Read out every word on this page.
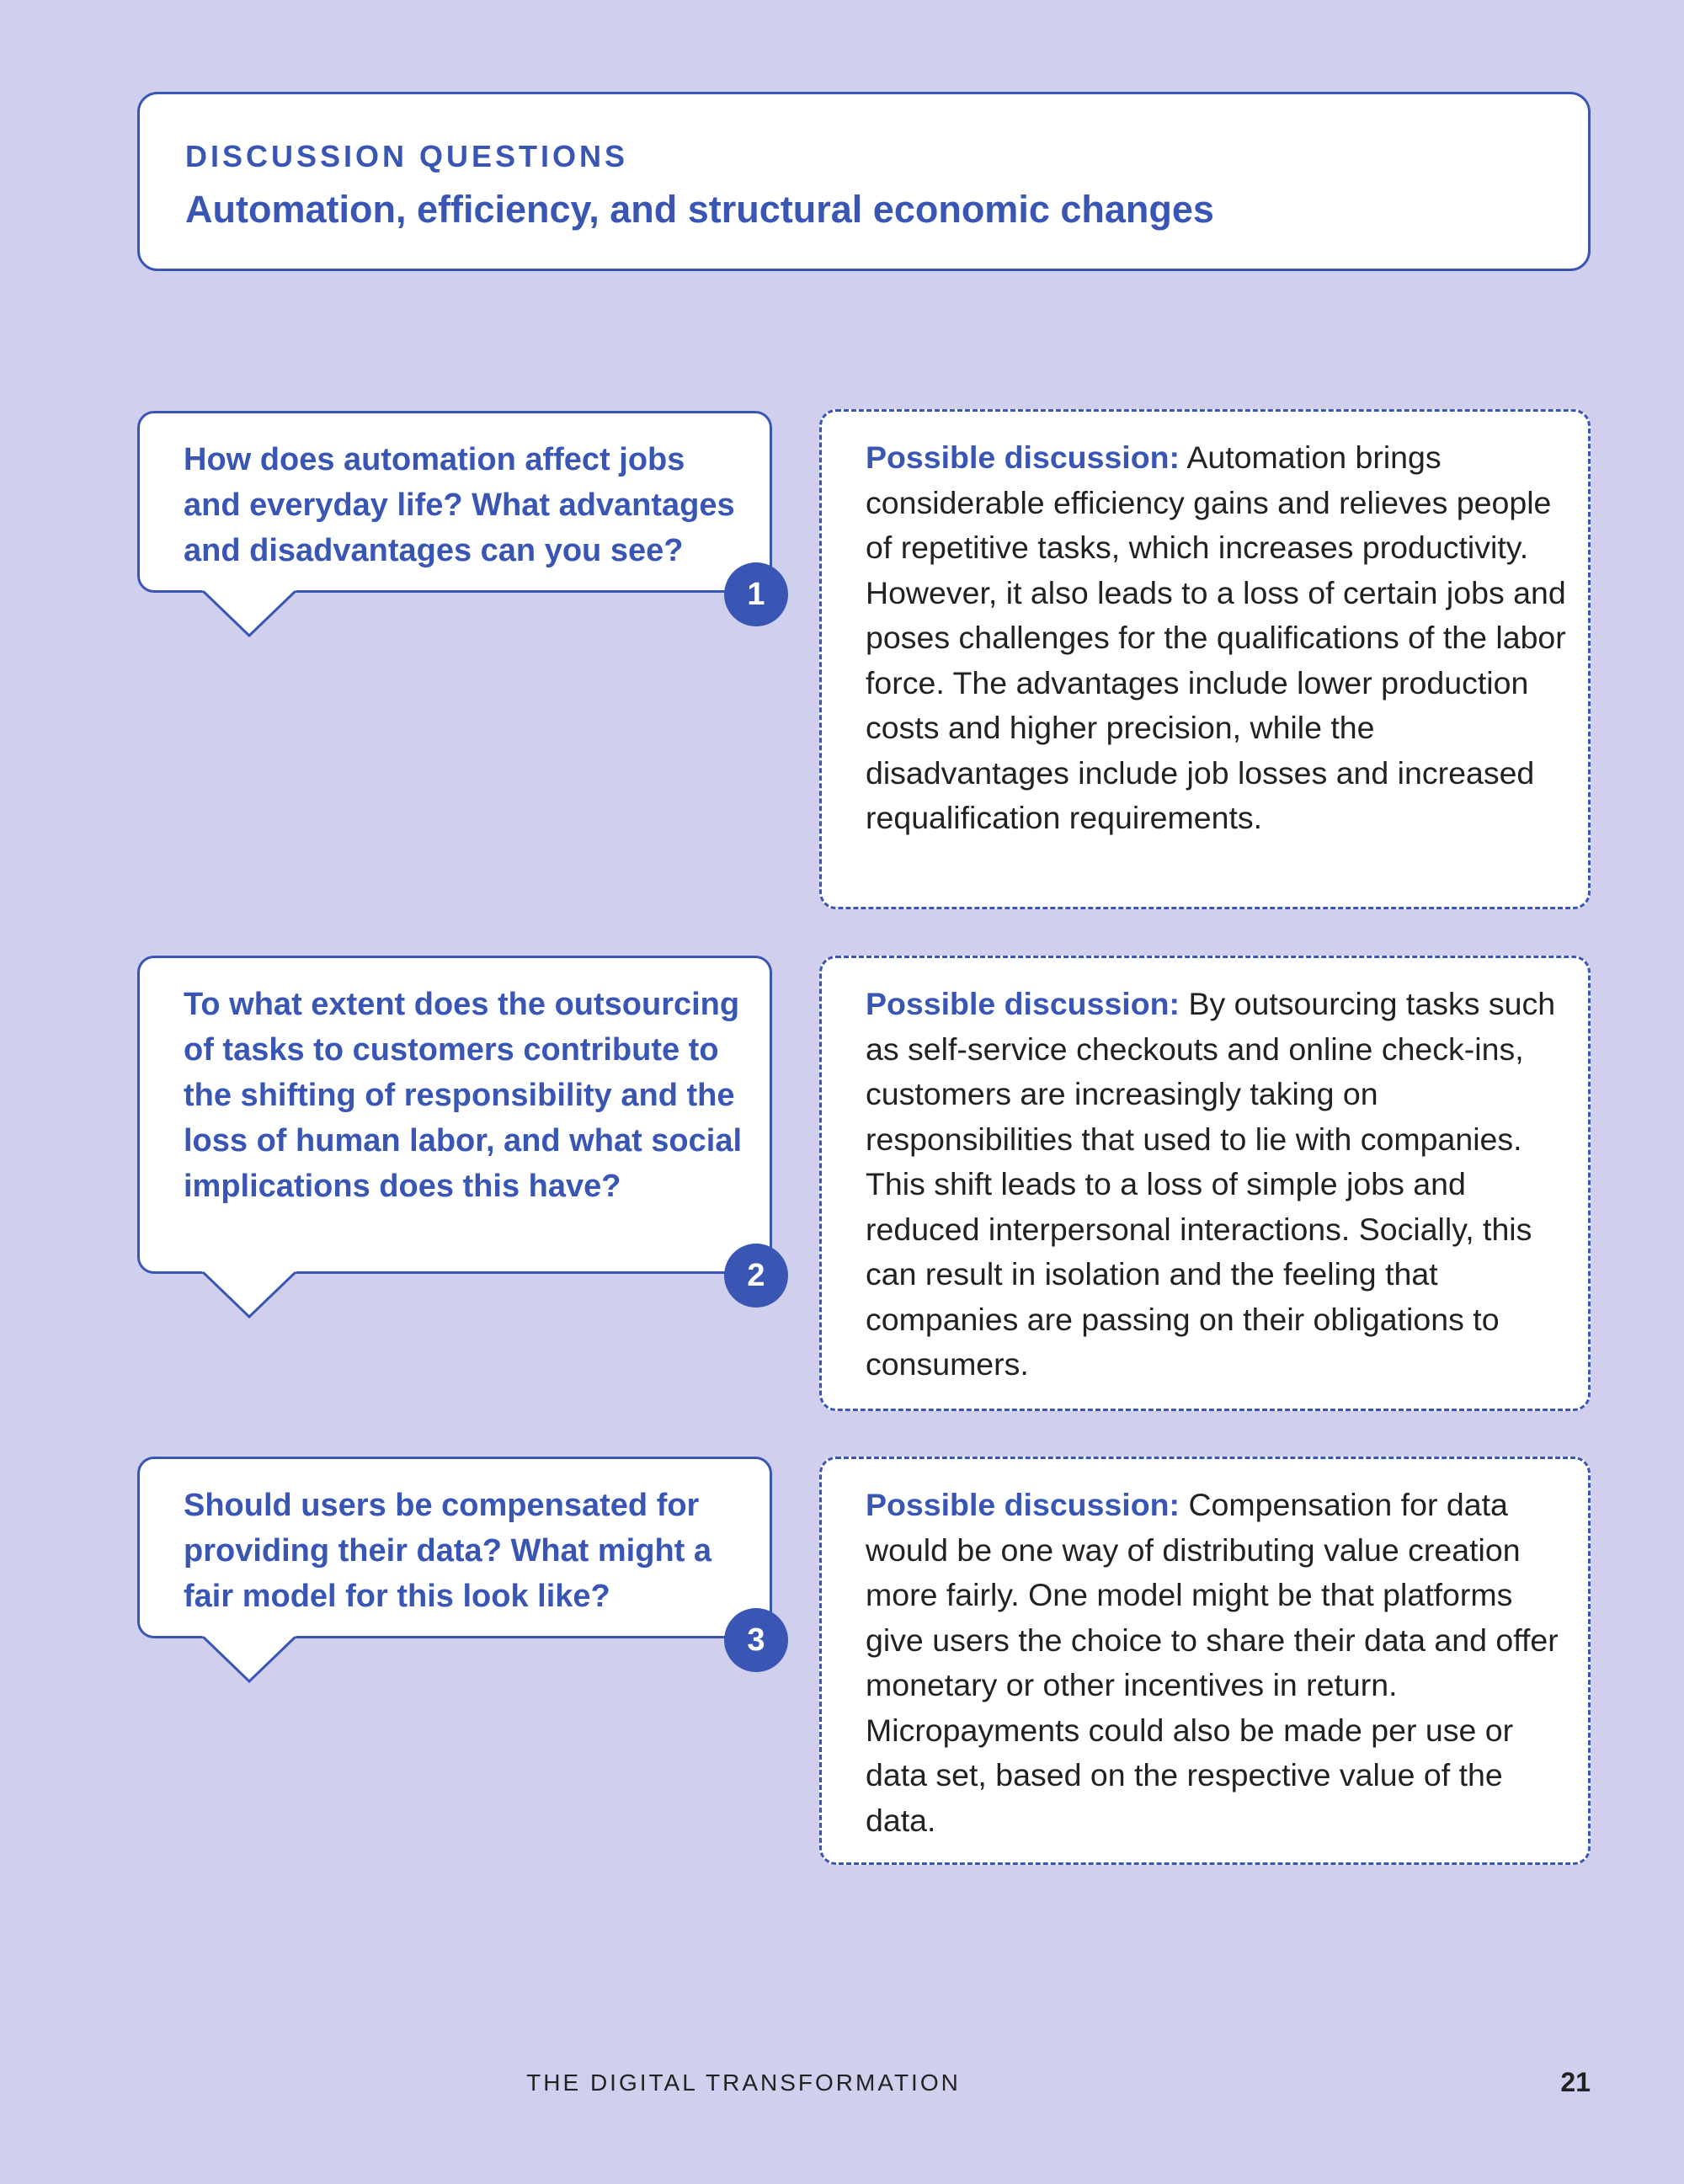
DISCUSSION QUESTIONS

Automation, efficiency, and structural economic changes

How does automation affect jobs and everyday life? What advantages and disadvantages can you see?

1

Possible discussion: Automation brings considerable efficiency gains and relieves people of repetitive tasks, which increases productivity. However, it also leads to a loss of certain jobs and poses challenges for the qualifications of the labor force. The advantages include lower production costs and higher precision, while the disadvantages include job losses and increased requalification requirements.

To what extent does the outsourcing of tasks to customers contribute to the shifting of responsibility and the loss of human labor, and what social implications does this have?

2

Possible discussion: By outsourcing tasks such as self-service checkouts and online check-ins, customers are increasingly taking on responsibilities that used to lie with companies. This shift leads to a loss of simple jobs and reduced interpersonal interactions. Socially, this can result in isolation and the feeling that companies are passing on their obligations to consumers.

Should users be compensated for providing their data? What might a fair model for this look like?

3

Possible discussion: Compensation for data would be one way of distributing value creation more fairly. One model might be that platforms give users the choice to share their data and offer monetary or other incentives in return. Micropayments could also be made per use or data set, based on the respective value of the data.

THE DIGITAL TRANSFORMATION	21
